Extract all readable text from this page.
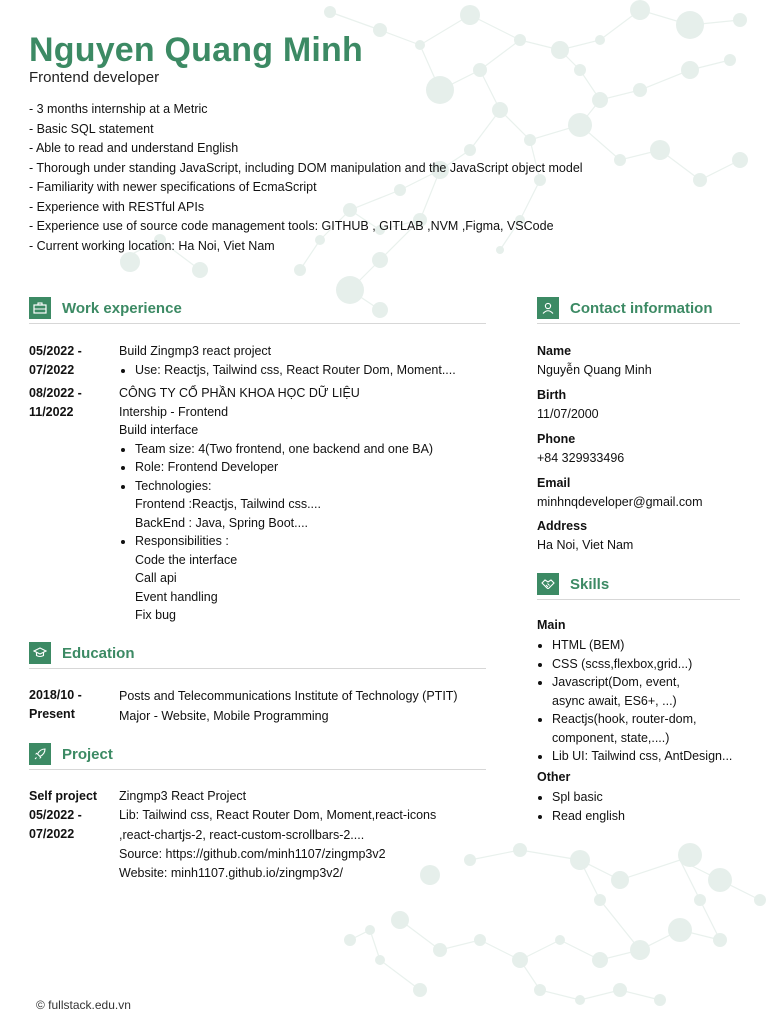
Nguyen Quang Minh
Frontend developer
- 3 months internship at a Metric
- Basic SQL statement
- Able to read and understand English
- Thorough under standing JavaScript, including DOM manipulation and the JavaScript object model
- Familiarity with newer specifications of EcmaScript
- Experience with RESTful APIs
- Experience use of source code management tools: GITHUB , GITLAB ,NVM ,Figma, VSCode
- Current working location: Ha Noi, Viet Nam
Work experience
05/2022 -
07/2022
Build Zingmp3 react project
• Use: Reactjs, Tailwind css, React Router Dom, Moment....
08/2022 -
11/2022
CÔNG TY CỔ PHẦN KHOA HỌC DỮ LIỆU
Intership - Frontend
Build interface
• Team size: 4(Two frontend, one backend and one BA)
• Role: Frontend Developer
• Technologies:
Frontend :Reactjs, Tailwind css....
BackEnd : Java, Spring Boot....
• Responsibilities :
Code the interface
Call api
Event handling
Fix bug
Education
2018/10 -
Present
Posts and Telecommunications Institute of Technology (PTIT)
Major - Website, Mobile Programming
Project
Self project
05/2022 -
07/2022
Zingmp3 React Project
Lib: Tailwind css, React Router Dom, Moment,react-icons
,react-chartjs-2, react-custom-scrollbars-2....
Source: https://github.com/minh1107/zingmp3v2
Website: minh1107.github.io/zingmp3v2/
Contact information
Name
Nguyễn Quang Minh
Birth
11/07/2000
Phone
+84 329933496
Email
minhnqdeveloper@gmail.com
Address
Ha Noi, Viet Nam
Skills
Main
• HTML (BEM)
• CSS (scss,flexbox,grid...)
• Javascript(Dom, event, async await, ES6+, ...)
• Reactjs(hook, router-dom, component, state,....)
• Lib UI: Tailwind css, AntDesign...
Other
• Spl basic
• Read english
© fullstack.edu.vn
